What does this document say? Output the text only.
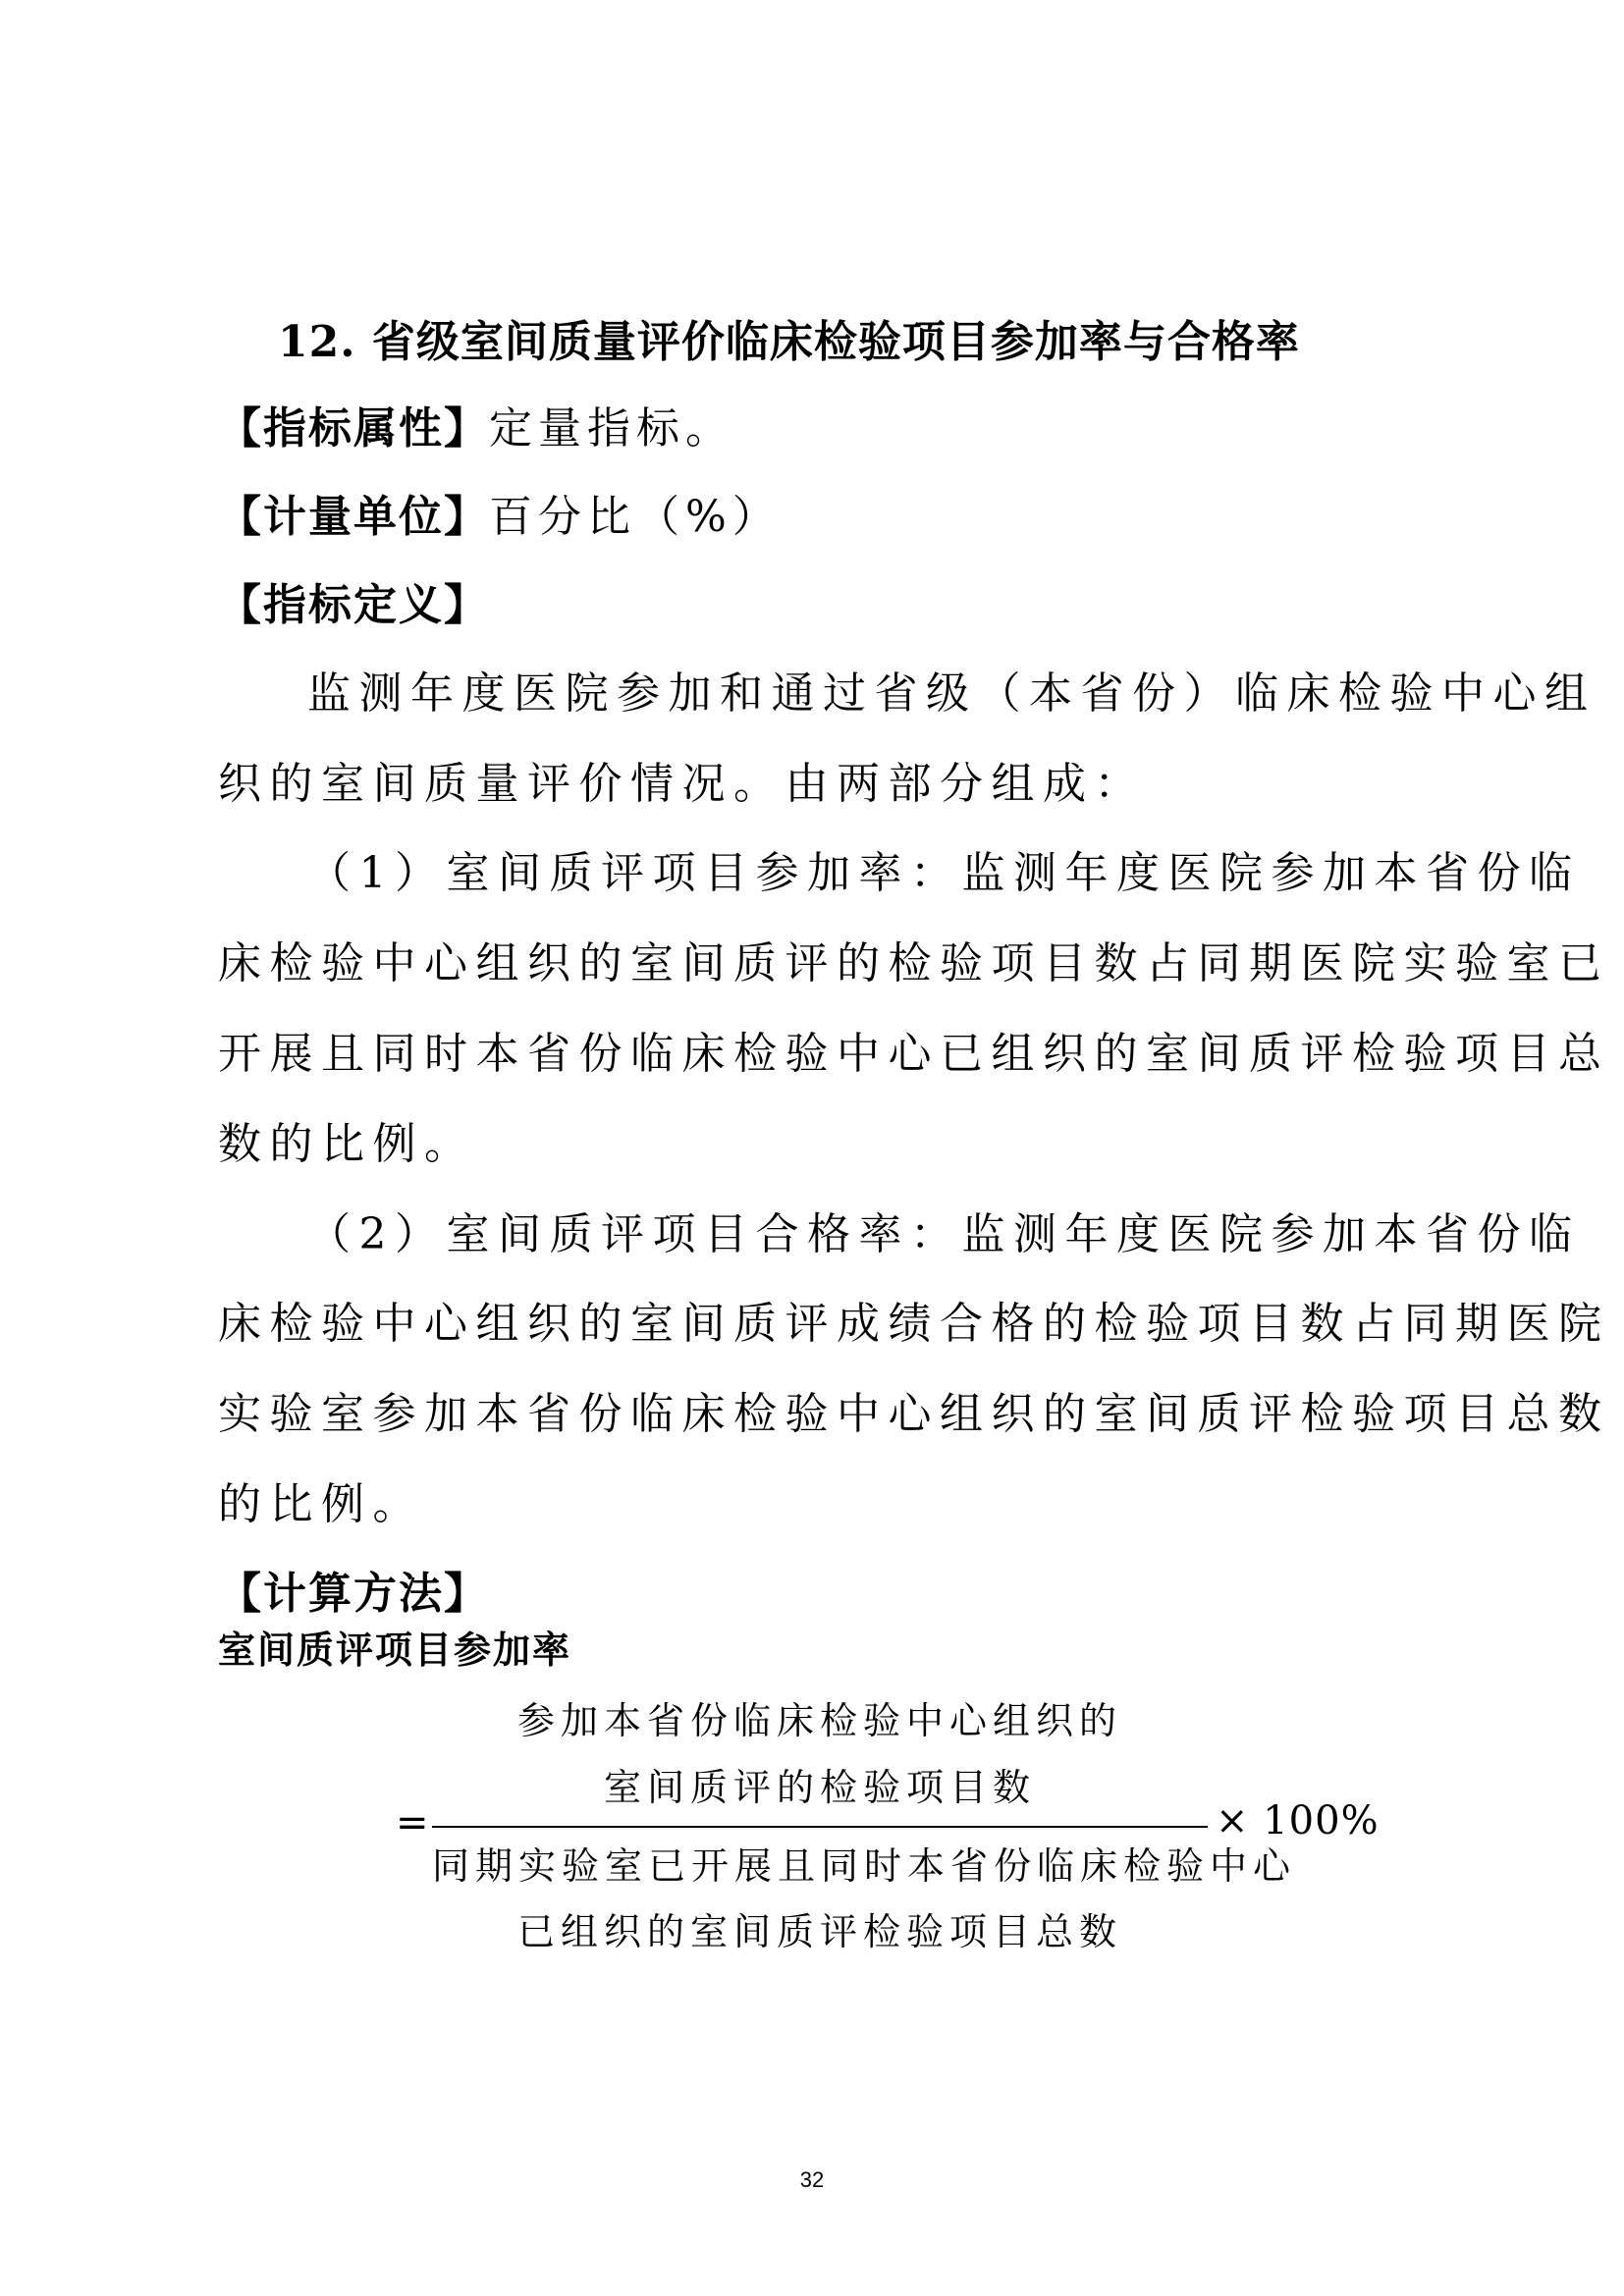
12. 省级室间质量评价临床检验项目参加率与合格率
【指标属性】定量指标。
【计量单位】百分比（%）
【指标定义】
监测年度医院参加和通过省级（本省份）临床检验中心组
织的室间质量评价情况。由两部分组成：
（1）室间质评项目参加率：监测年度医院参加本省份临
床检验中心组织的室间质评的检验项目数占同期医院实验室已
开展且同时本省份临床检验中心已组织的室间质评检验项目总
数的比例。
（2）室间质评项目合格率：监测年度医院参加本省份临
床检验中心组织的室间质评成绩合格的检验项目数占同期医院
实验室参加本省份临床检验中心组织的室间质评检验项目总数
的比例。
【计算方法】
室间质评项目参加率
参加本省份临床检验中心组织的
室间质评的检验项目数
=	× 100%
同期实验室已开展且同时本省份临床检验中心
已组织的室间质评检验项目总数
32
